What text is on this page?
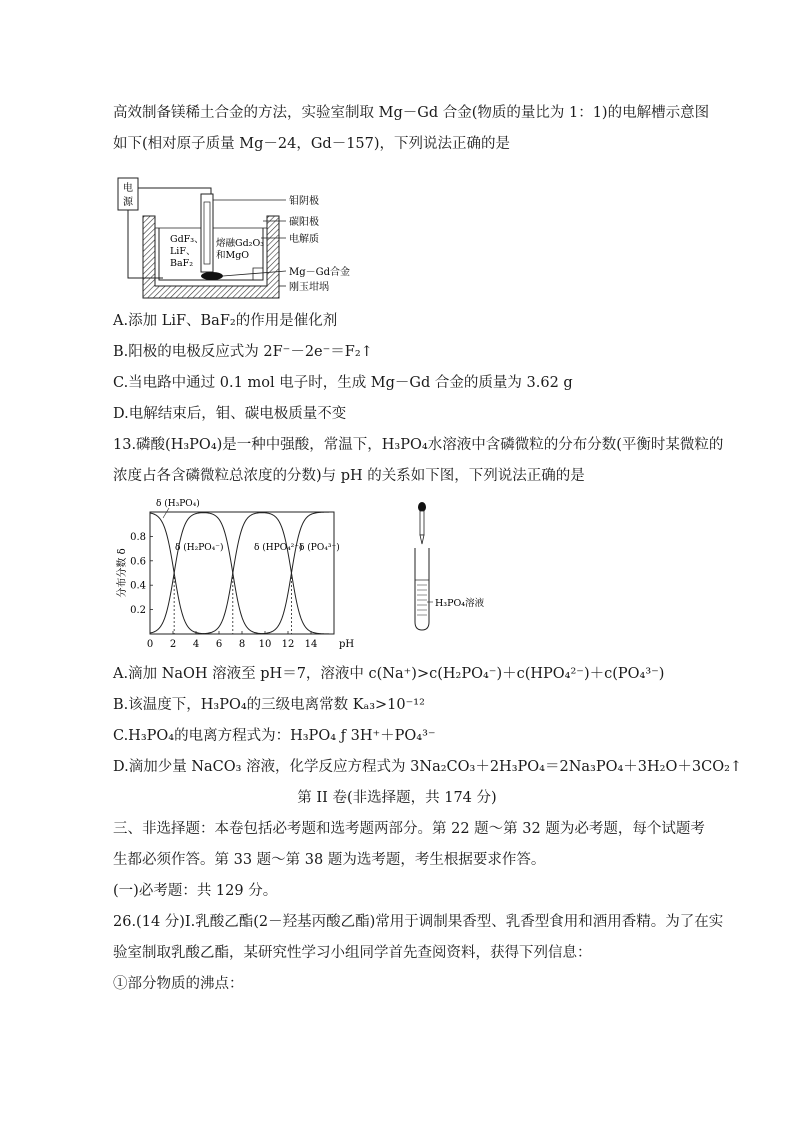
高效制备镁稀土合金的方法，实验室制取 Mg－Gd 合金(物质的量比为 1：1)的电解槽示意图
如下(相对原子质量 Mg－24，Gd－157)，下列说法正确的是
电
源
GdF₃、
LiF、
BaF₂
熔融Gd₂O₃
和MgO
钼阴极
碳阳极
电解质
Mg－Gd合金
刚玉坩埚
A.添加 LiF、BaF₂的作用是催化剂
B.阳极的电极反应式为 2F⁻－2e⁻＝F₂↑
C.当电路中通过 0.1 mol 电子时，生成 Mg－Gd 合金的质量为 3.62 g
D.电解结束后，钼、碳电极质量不变
13.磷酸(H₃PO₄)是一种中强酸，常温下，H₃PO₄水溶液中含磷微粒的分布分数(平衡时某微粒的
浓度占各含磷微粒总浓度的分数)与 pH 的关系如下图，下列说法正确的是
0 2 4 6 8 10 12 14 pH
0.2
0.4
0.6
0.8
分布分数 δ
δ (H₃PO₄)
δ (H₂PO₄⁻)	δ (HPO₄²⁻)
δ (PO₄³⁻)
H₃PO₄溶液
A.滴加 NaOH 溶液至 pH＝7，溶液中 c(Na⁺)>c(H₂PO₄⁻)＋c(HPO₄²⁻)＋c(PO₄³⁻)
B.该温度下，H₃PO₄的三级电离常数 Kₐ₃>10⁻¹²
C.H₃PO₄的电离方程式为：H₃PO₄ ƒ 3H⁺＋PO₄³⁻
D.滴加少量 NaCO₃ 溶液，化学反应方程式为 3Na₂CO₃＋2H₃PO₄＝2Na₃PO₄＋3H₂O＋3CO₂↑
第 II 卷(非选择题，共 174 分)
三、非选择题：本卷包括必考题和选考题两部分。第 22 题～第 32 题为必考题，每个试题考
生都必须作答。第 33 题～第 38 题为选考题，考生根据要求作答。
(一)必考题：共 129 分。
26.(14 分)I.乳酸乙酯(2－羟基丙酸乙酯)常用于调制果香型、乳香型食用和酒用香精。为了在实
验室制取乳酸乙酯，某研究性学习小组同学首先查阅资料，获得下列信息：
①部分物质的沸点：
